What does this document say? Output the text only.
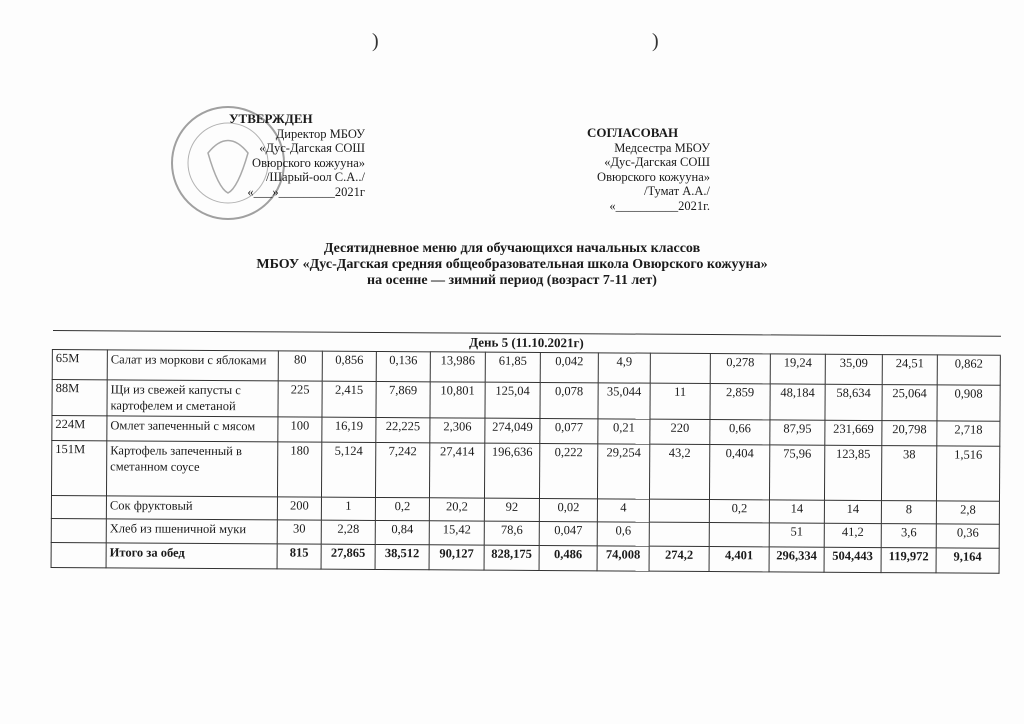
)	)
УТВЕРЖДЕН
Директор МБОУ
«Дус-Дагская СОШ
Овюрского кожууна»
/Шарый-оол С.А../
«___»_________2021г
СОГЛАСОВАН
Медсестра МБОУ
«Дус-Дагская СОШ
Овюрского кожууна»
/Тумат А.А./
«__________2021г.
Десятидневное меню для обучающихся начальных классов
МБОУ «Дус-Дагская средняя общеобразовательная школа Овюрского кожууна»
на осенне — зимний период (возраст 7-11 лет)
День 5 (11.10.2021г)														
65М	Салат из моркови с яблоками	80	0,856	0,136	13,986	61,85	0,042	4,9		0,278	19,24	35,09	24,51	0,862
88М	Щи из свежей капусты с картофелем и сметаной	225	2,415	7,869	10,801	125,04	0,078	35,044	11	2,859	48,184	58,634	25,064	0,908
224М	Омлет запеченный с мясом	100	16,19	22,225	2,306	274,049	0,077	0,21	220	0,66	87,95	231,669	20,798	2,718
151М	Картофель запеченный в сметанном соусе	180	5,124	7,242	27,414	196,636	0,222	29,254	43,2	0,404	75,96	123,85	38	1,516
	Сок фруктовый	200	1	0,2	20,2	92	0,02	4		0,2	14	14	8	2,8
	Хлеб из пшеничной муки	30	2,28	0,84	15,42	78,6	0,047	0,6			51	41,2	3,6	0,36
	Итого за обед	815	27,865	38,512	90,127	828,175	0,486	74,008	274,2	4,401	296,334	504,443	119,972	9,164
